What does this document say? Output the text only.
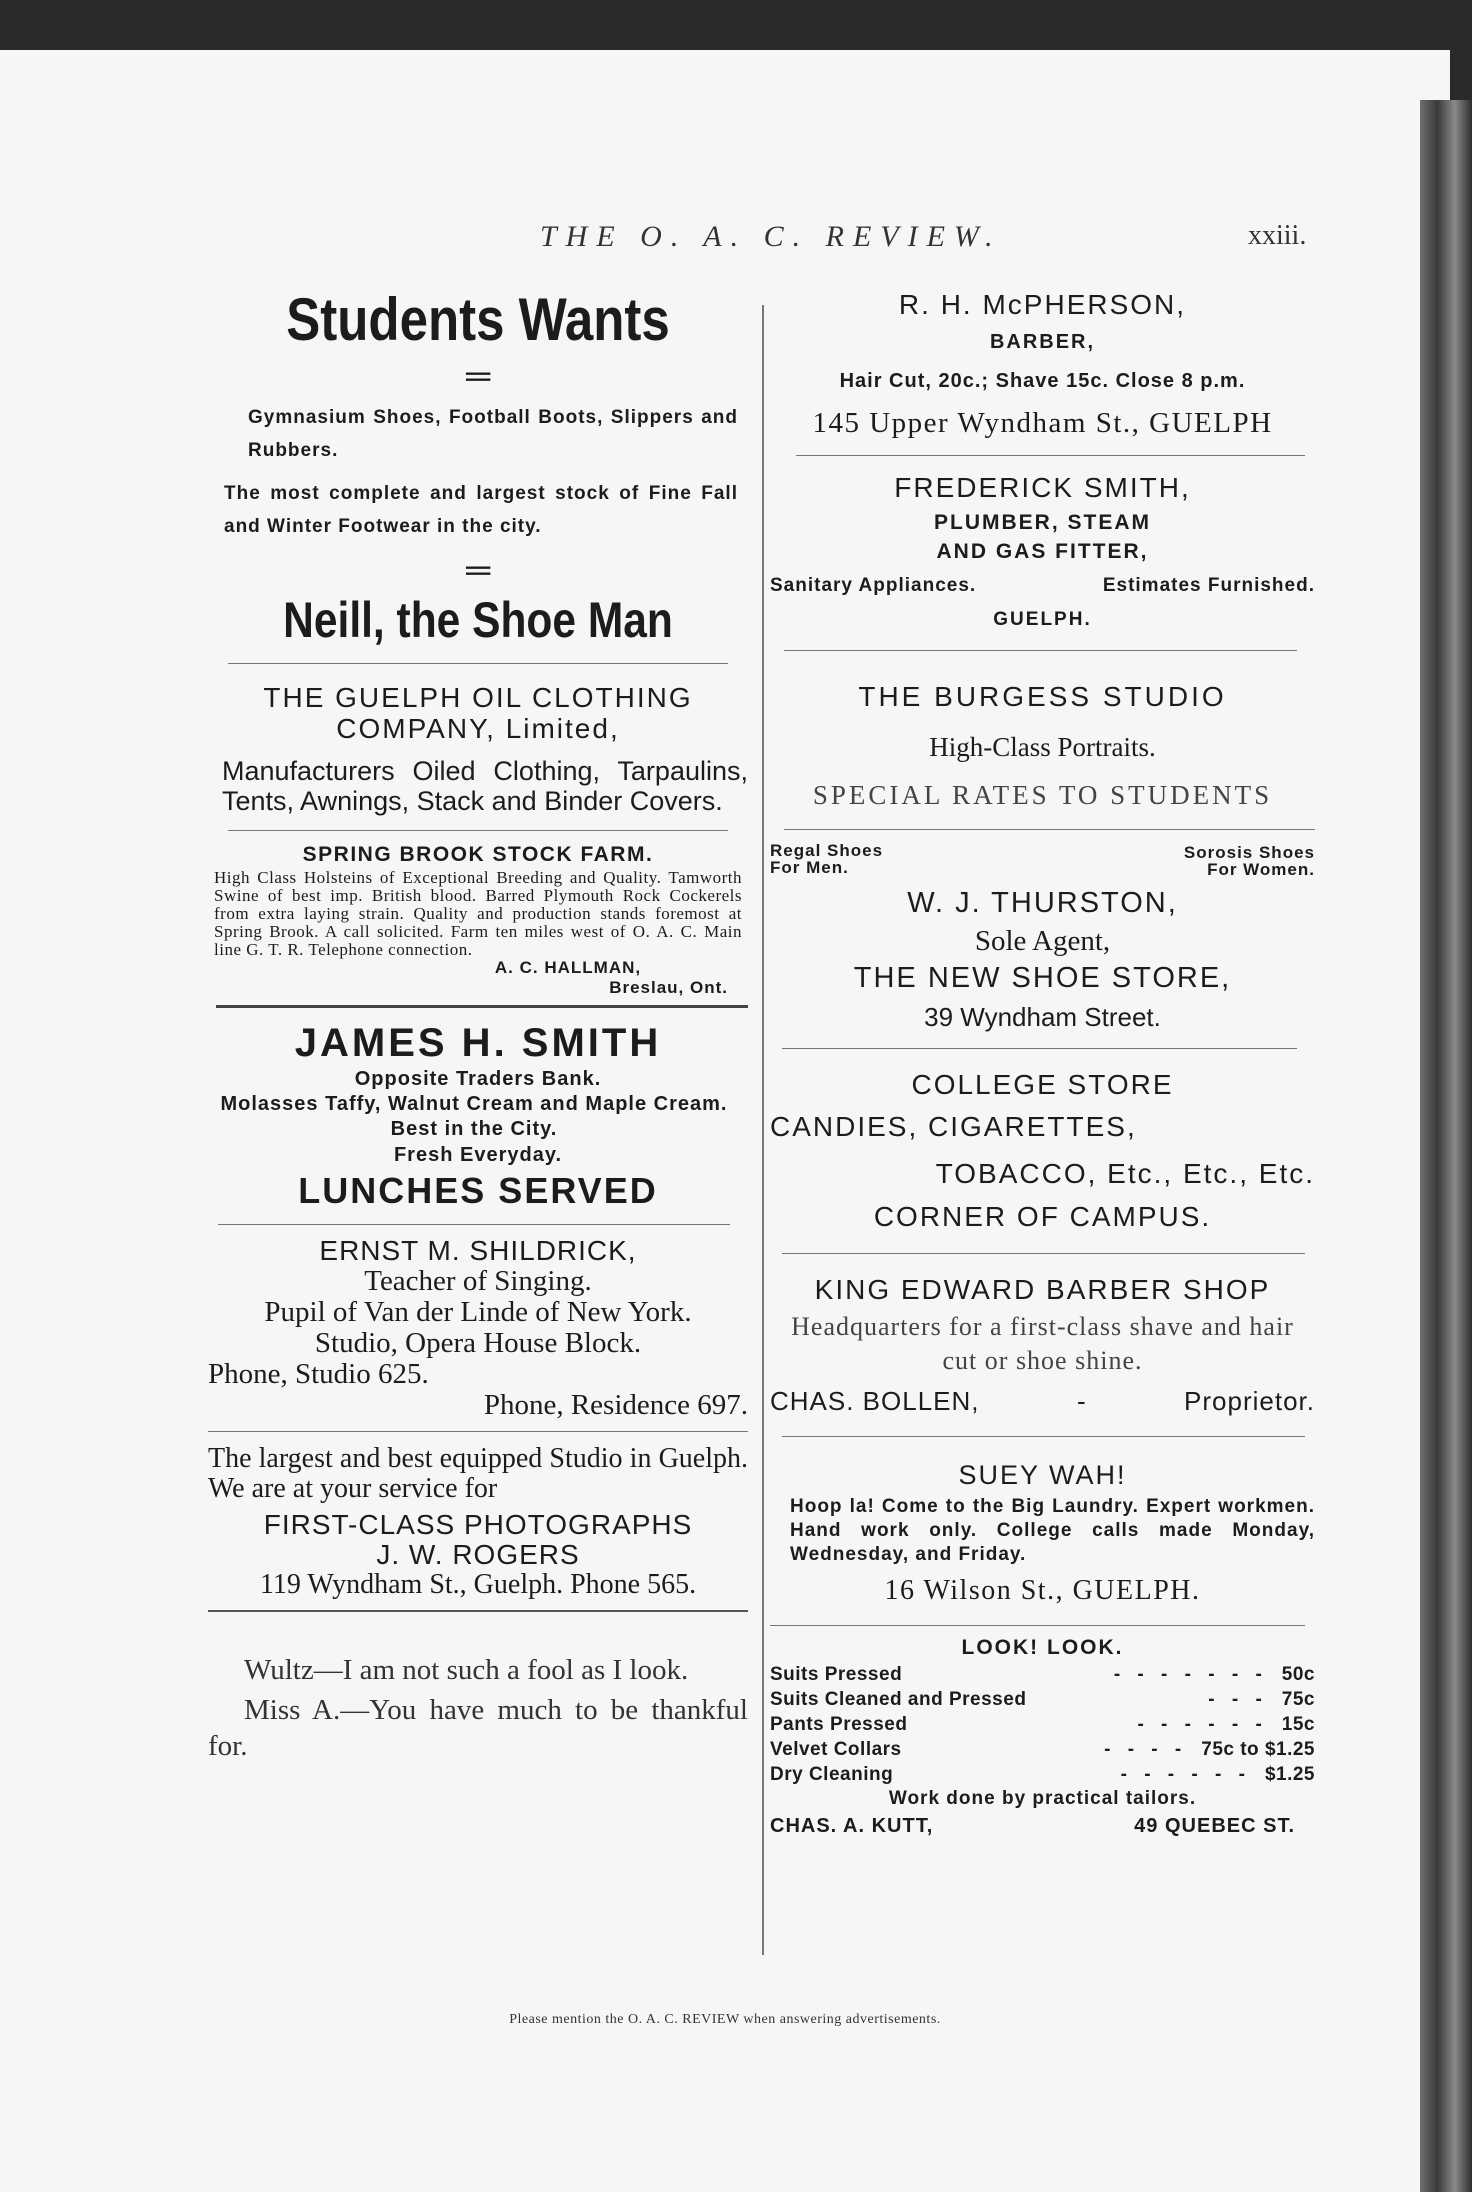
THE O. A. C. REVIEW.	xxiii.
Students Wants
═
Gymnasium Shoes, Football Boots, Slippers and Rubbers.
The most complete and largest stock of Fine Fall and Winter Footwear in the city.
═
Neill, the Shoe Man
THE GUELPH OIL CLOTHING COMPANY, Limited,
Manufacturers Oiled Clothing, Tarpaulins, Tents, Awnings, Stack and Binder Covers.
SPRING BROOK STOCK FARM.
High Class Holsteins of Exceptional Breeding and Quality. Tamworth Swine of best imp. British blood. Barred Plymouth Rock Cockerels from extra laying strain. Quality and production stands foremost at Spring Brook. A call solicited. Farm ten miles west of O. A. C. Main line G. T. R. Telephone connection.
A. C. HALLMAN,
Breslau, Ont.
JAMES H. SMITH
Opposite Traders Bank.
Molasses Taffy, Walnut Cream and Maple Cream. Best in the City.
Fresh Everyday.
LUNCHES SERVED
ERNST M. SHILDRICK,
Teacher of Singing.
Pupil of Van der Linde of New York.
Studio, Opera House Block.
Phone, Studio 625.
Phone, Residence 697.
The largest and best equipped Studio in Guelph. We are at your service for
FIRST-CLASS PHOTOGRAPHS
J. W. ROGERS
119 Wyndham St., Guelph. Phone 565.
Wultz—I am not such a fool as I look.
Miss A.—You have much to be thankful for.
R. H. McPHERSON,
BARBER,
Hair Cut, 20c.; Shave 15c. Close 8 p.m.
145 Upper Wyndham St., GUELPH
FREDERICK SMITH,
PLUMBER, STEAM
AND GAS FITTER,
Sanitary Appliances.	Estimates Furnished.
GUELPH.
THE BURGESS STUDIO
High-Class Portraits.
SPECIAL RATES TO STUDENTS
Regal Shoes
For Men.
Sorosis Shoes
For Women.
W. J. THURSTON,
Sole Agent,
THE NEW SHOE STORE,
39 Wyndham Street.
COLLEGE STORE
CANDIES, CIGARETTES,
TOBACCO, Etc., Etc., Etc.
CORNER OF CAMPUS.
KING EDWARD BARBER SHOP
Headquarters for a first-class shave and hair cut or shoe shine.
CHAS. BOLLEN,	-	Proprietor.
SUEY WAH!
Hoop la! Come to the Big Laundry. Expert workmen. Hand work only. College calls made Monday, Wednesday, and Friday.
16 Wilson St., GUELPH.
LOOK! LOOK.
Suits Pressed	- - - - - - - 50c
Suits Cleaned and Pressed	- - - 75c
Pants Pressed	- - - - - - 15c
Velvet Collars	- - - - 75c to $1.25
Dry Cleaning	- - - - - - $1.25
Work done by practical tailors.
CHAS. A. KUTT,	49 QUEBEC ST.
Please mention the O. A. C. REVIEW when answering advertisements.
